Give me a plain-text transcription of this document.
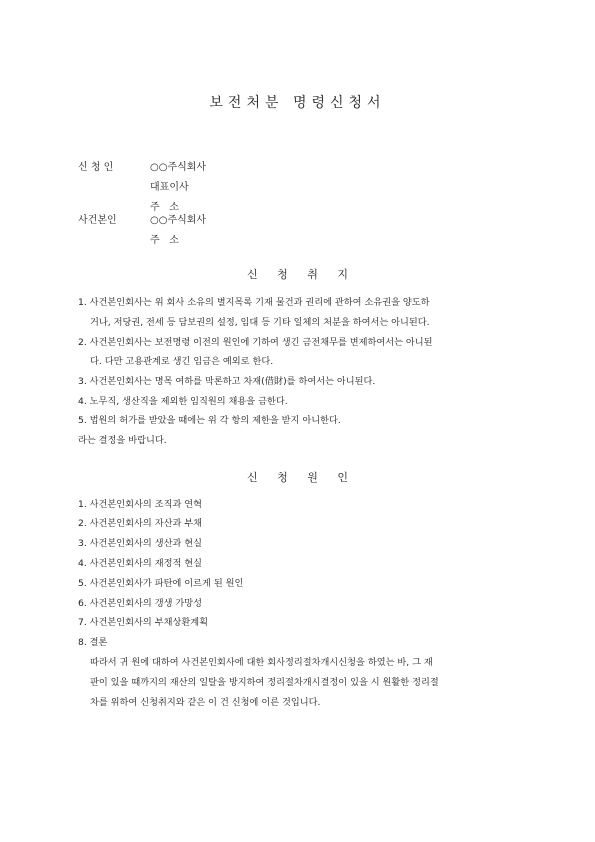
보전처분 명령신청서
신 청 인	○○주식회사
대표이사
주   소
사건본인	○○주식회사
주   소
신 청 취 지
1. 사건본인회사는 위 회사 소유의 별지목록 기재 물건과 권리에 관하여 소유권을 양도하
거나, 저당권, 전세 등 담보권의 설정, 임대 등 기타 일체의 처분을 하여서는 아니된다.
2. 사건본인회사는 보전명령 이전의 원인에 기하여 생긴 금전채무를 변제하여서는 아니된
다. 다만 고용관계로 생긴 임금은 예외로 한다.
3. 사건본인회사는 명목 여하를 막론하고 차재(借財)를 하여서는 아니된다.
4. 노무직, 생산직을 제외한 임직원의 채용을 금한다.
5. 법원의 허가를 받았을 때에는 위 각 항의 제한을 받지 아니한다.
라는 결정을 바랍니다.
신 청 원 인
1. 사건본인회사의 조직과 연혁
2. 사건본인회사의 자산과 부채
3. 사건본인회사의 생산과 현실
4. 사건본인회사의 재정적 현실
5. 사건본인회사가 파탄에 이르게 된 원인
6. 사건본인회사의 갱생 가망성
7. 사건본인회사의 부채상환계획
8. 결론
따라서 귀 원에 대하여 사건본인회사에 대한 회사정리절차개시신청을 하였는 바, 그 재
판이 있을 때까지의 재산의 일탈을 방지하여 정리절차개시결정이 있을 시 원활한 정리절
차를 위하여 신청취지와 같은 이 건 신청에 이른 것입니다.
